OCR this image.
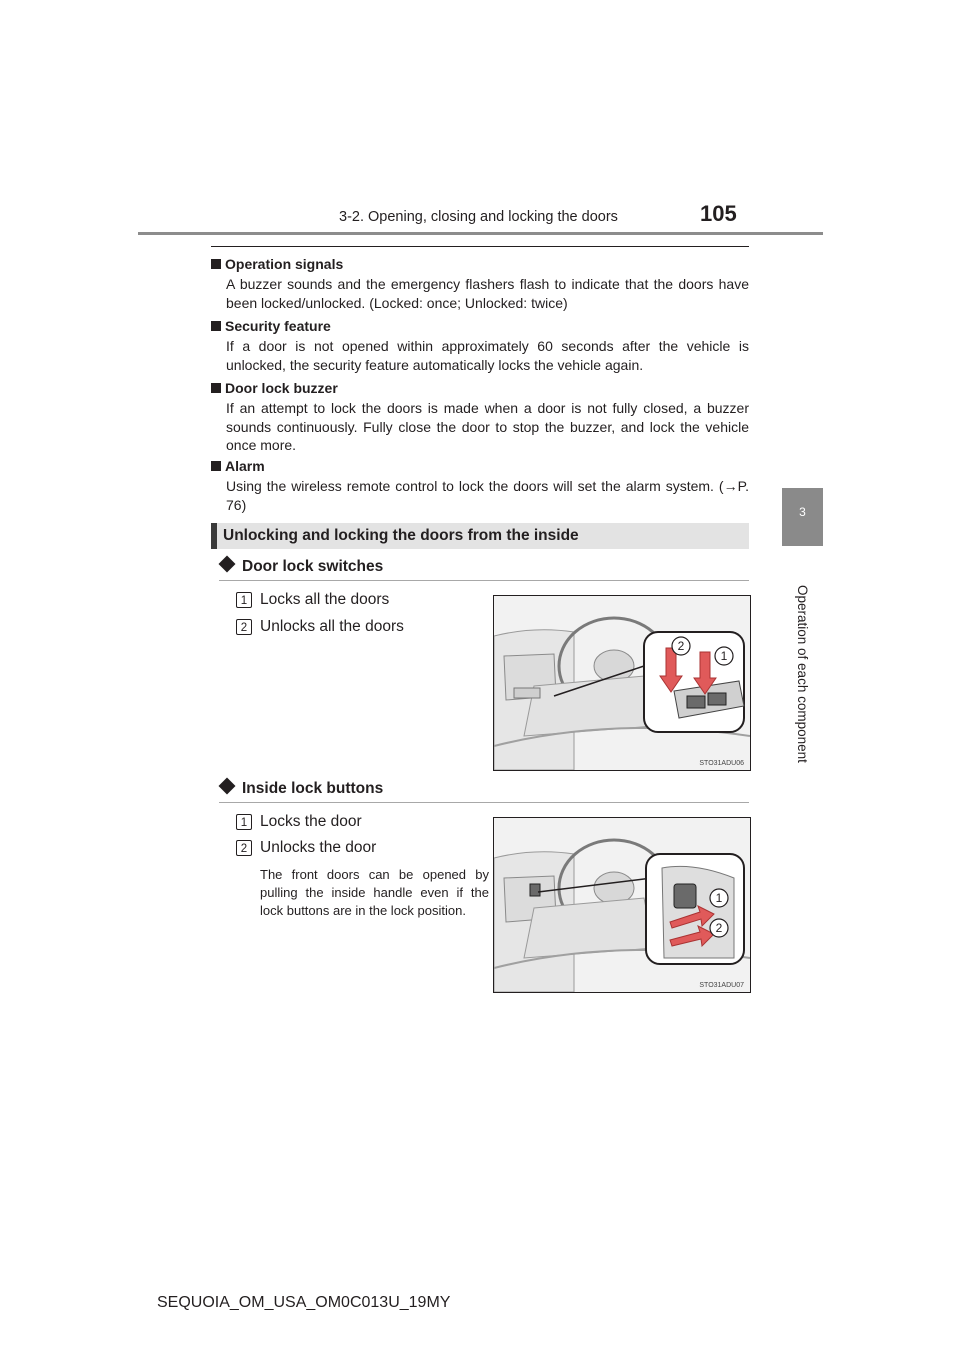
3-2. Opening, closing and locking the doors	105
3
Operation of each component
Operation signals
A buzzer sounds and the emergency flashers flash to indicate that the doors have been locked/unlocked. (Locked: once; Unlocked: twice)
Security feature
If a door is not opened within approximately 60 seconds after the vehicle is unlocked, the security feature automatically locks the vehicle again.
Door lock buzzer
If an attempt to lock the doors is made when a door is not fully closed, a buzzer sounds continuously. Fully close the door to stop the buzzer, and lock the vehicle once more.
Alarm
Using the wireless remote control to lock the doors will set the alarm system. (→P. 76)
Unlocking and locking the doors from the inside
Door lock switches
1 Locks all the doors
2 Unlocks all the doors
2
1
STO31ADU06
Inside lock buttons
1 Locks the door
2 Unlocks the door
The front doors can be opened by pulling the inside handle even if the lock buttons are in the lock position.
1
2
STO31ADU07
SEQUOIA_OM_USA_OM0C013U_19MY
